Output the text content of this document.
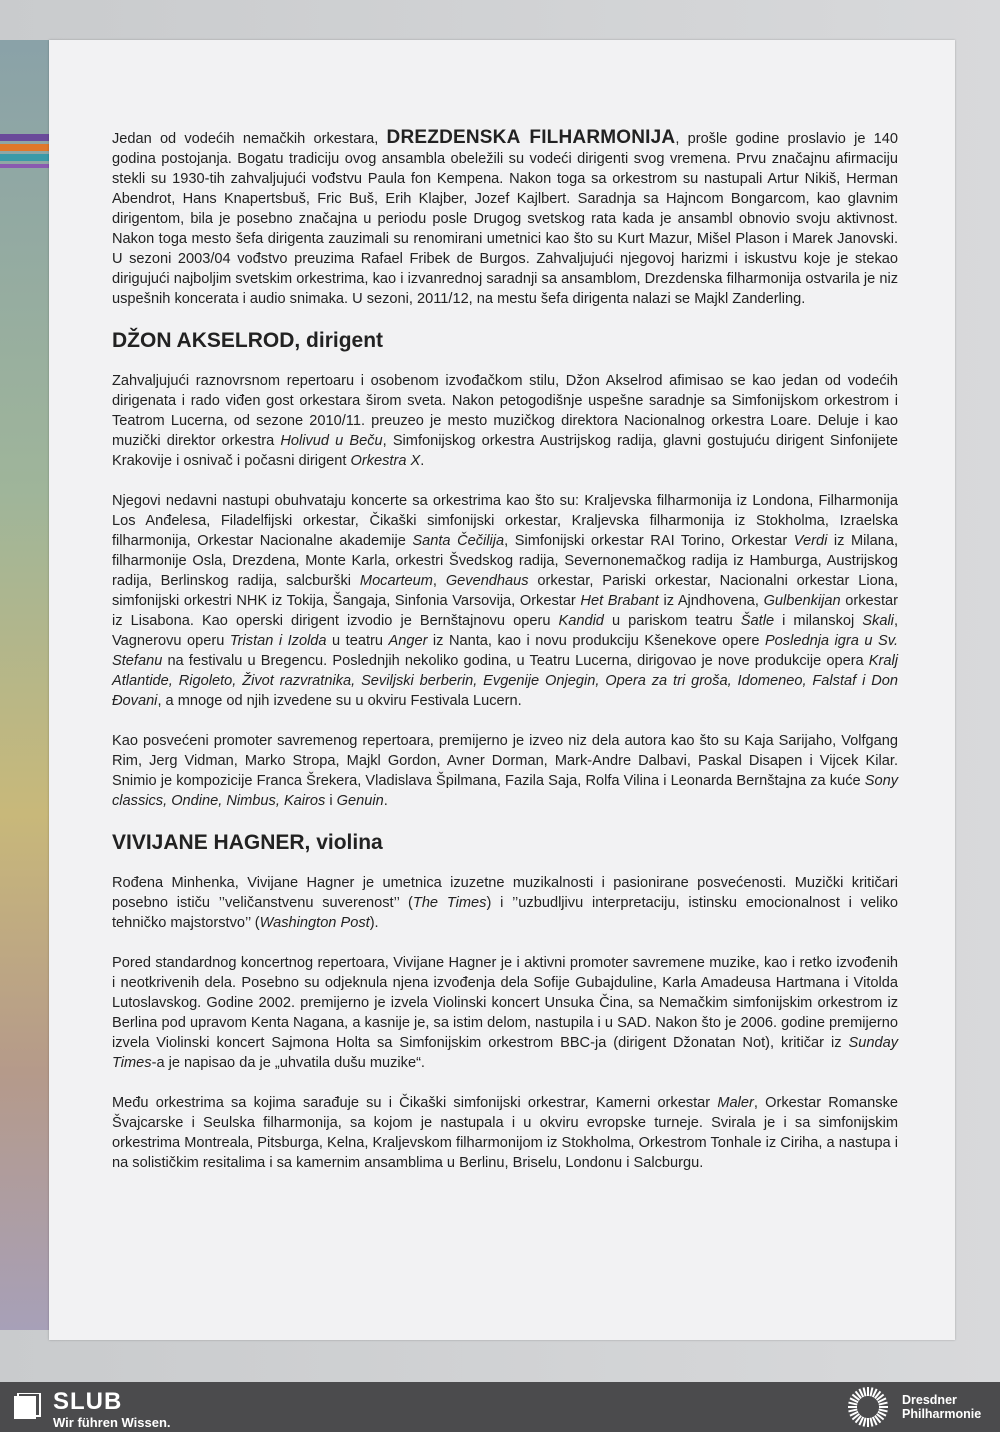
Jedan od vodećih nemačkih orkestara, DREZDENSKA FILHARMONIJA, prošle godine proslavio je 140 godina postojanja. Bogatu tradiciju ovog ansambla obeležili su vodeći dirigenti svog vremena. Prvu značajnu afirmaciju stekli su 1930-tih zahvaljujući vođstvu Paula fon Kempena. Nakon toga sa orkestrom su nastupali Artur Nikiš, Herman Abendrot, Hans Knapertsbuš, Fric Buš, Erih Klajber, Jozef Kajlbert. Saradnja sa Hajncom Bongarcom, kao glavnim dirigentom, bila je posebno značajna u periodu posle Drugog svetskog rata kada je ansambl obnovio svoju aktivnost. Nakon toga mesto šefa dirigenta zauzimali su renomirani umetnici kao što su Kurt Mazur, Mišel Plason i Marek Janovski. U sezoni 2003/04 vođstvo preuzima Rafael Fribek de Burgos. Zahvaljujući njegovoj harizmi i iskustvu koje je stekao dirigujući najboljim svetskim orkestrima, kao i izvanrednoj saradnji sa ansamblom, Drezdenska filharmonija ostvarila je niz uspešnih koncerata i audio snimaka. U sezoni, 2011/12, na mestu šefa dirigenta nalazi se Majkl Zanderling.

DŽON AKSELROD, dirigent

Zahvaljujući raznovrsnom repertoaru i osobenom izvođačkom stilu, Džon Akselrod afimisao se kao jedan od vodećih dirigenata i rado viđen gost orkestara širom sveta. Nakon petogodišnje uspešne saradnje sa Simfonijskom orkestrom i Teatrom Lucerna, od sezone 2010/11. preuzeo je mesto muzičkog direktora Nacionalnog orkestra Loare. Deluje i kao muzički direktor orkestra Holivud u Beču, Simfonijskog orkestra Austrijskog radija, glavni gostujuću dirigent Sinfonijete Krakovije i osnivač i počasni dirigent Orkestra X.

Njegovi nedavni nastupi obuhvataju koncerte sa orkestrima kao što su: Kraljevska filharmonija iz Londona, Filharmonija Los Anđelesa, Filadelfijski orkestar, Čikaški simfonijski orkestar, Kraljevska filharmonija iz Stokholma, Izraelska filharmonija, Orkestar Nacionalne akademije Santa Čečilija, Simfonijski orkestar RAI Torino, Orkestar Verdi iz Milana, filharmonije Osla, Drezdena, Monte Karla, orkestri Švedskog radija, Severnonemačkog radija iz Hamburga, Austrijskog radija, Berlinskog radija, salcburški Mocarteum, Gevendhaus orkestar, Pariski orkestar, Nacionalni orkestar Liona, simfonijski orkestri NHK iz Tokija, Šangaja, Sinfonia Varsovija, Orkestar Het Brabant iz Ajndhovena, Gulbenkijan orkestar iz Lisabona. Kao operski dirigent izvodio je Bernštajnovu operu Kandid u pariskom teatru Šatle i milanskoj Skali, Vagnerovu operu Tristan i Izolda u teatru Anger iz Nanta, kao i novu produkciju Kšenekove opere Poslednja igra u Sv. Stefanu na festivalu u Bregencu. Poslednjih nekoliko godina, u Teatru Lucerna, dirigovao je nove produkcije opera Kralj Atlantide, Rigoleto, Život razvratnika, Seviljski berberin, Evgenije Onjegin, Opera za tri groša, Idomeneo, Falstaf i Don Đovani, a mnoge od njih izvedene su u okviru Festivala Lucern.

Kao posvećeni promoter savremenog repertoara, premijerno je izveo niz dela autora kao što su Kaja Sarijaho, Volfgang Rim, Jerg Vidman, Marko Stropa, Majkl Gordon, Avner Dorman, Mark-Andre Dalbavi, Paskal Disapen i Vijcek Kilar. Snimio je kompozicije Franca Šrekera, Vladislava Špilmana, Fazila Saja, Rolfa Vilina i Leonarda Bernštajna za kuće Sony classics, Ondine, Nimbus, Kairos i Genuin.

VIVIJANE HAGNER, violina

Rođena Minhenka, Vivijane Hagner je umetnica izuzetne muzikalnosti i pasionirane posvećenosti. Muzički kritičari posebno ističu ’’veličanstvenu suverenost’’ (The Times) i ’’uzbudljivu interpretaciju, istinsku emocionalnost i veliko tehničko majstorstvo’’ (Washington Post).

Pored standardnog koncertnog repertoara, Vivijane Hagner je i aktivni promoter savremene muzike, kao i retko izvođenih i neotkrivenih dela. Posebno su odjeknula njena izvođenja dela Sofije Gubajduline, Karla Amadeusa Hartmana i Vitolda Lutoslavskog. Godine 2002. premijerno je izvela Violinski koncert Unsuka Čina, sa Nemačkim simfonijskim orkestrom iz Berlina pod upravom Kenta Nagana, a kasnije je, sa istim delom, nastupila i u SAD. Nakon što je 2006. godine premijerno izvela Violinski koncert Sajmona Holta sa Simfonijskim orkestrom BBC-ja (dirigent Džonatan Not), kritičar iz Sunday Times-a je napisao da je „uhvatila dušu muzike“.

Među orkestrima sa kojima sarađuje su i Čikaški simfonijski orkestrar, Kamerni orkestar Maler, Orkestar Romanske Švajcarske i Seulska filharmonija, sa kojom je nastupala i u okviru evropske turneje. Svirala je i sa simfonijskim orkestrima Montreala, Pitsburga, Kelna, Kraljevskom filharmonijom iz Stokholma, Orkestrom Tonhale iz Ciriha, a nastupa i na solističkim resitalima i sa kamernim ansamblima u Berlinu, Briselu, Londonu i Salcburgu.

SLUB
Wir führen Wissen.
Dresdner
Philharmonie
